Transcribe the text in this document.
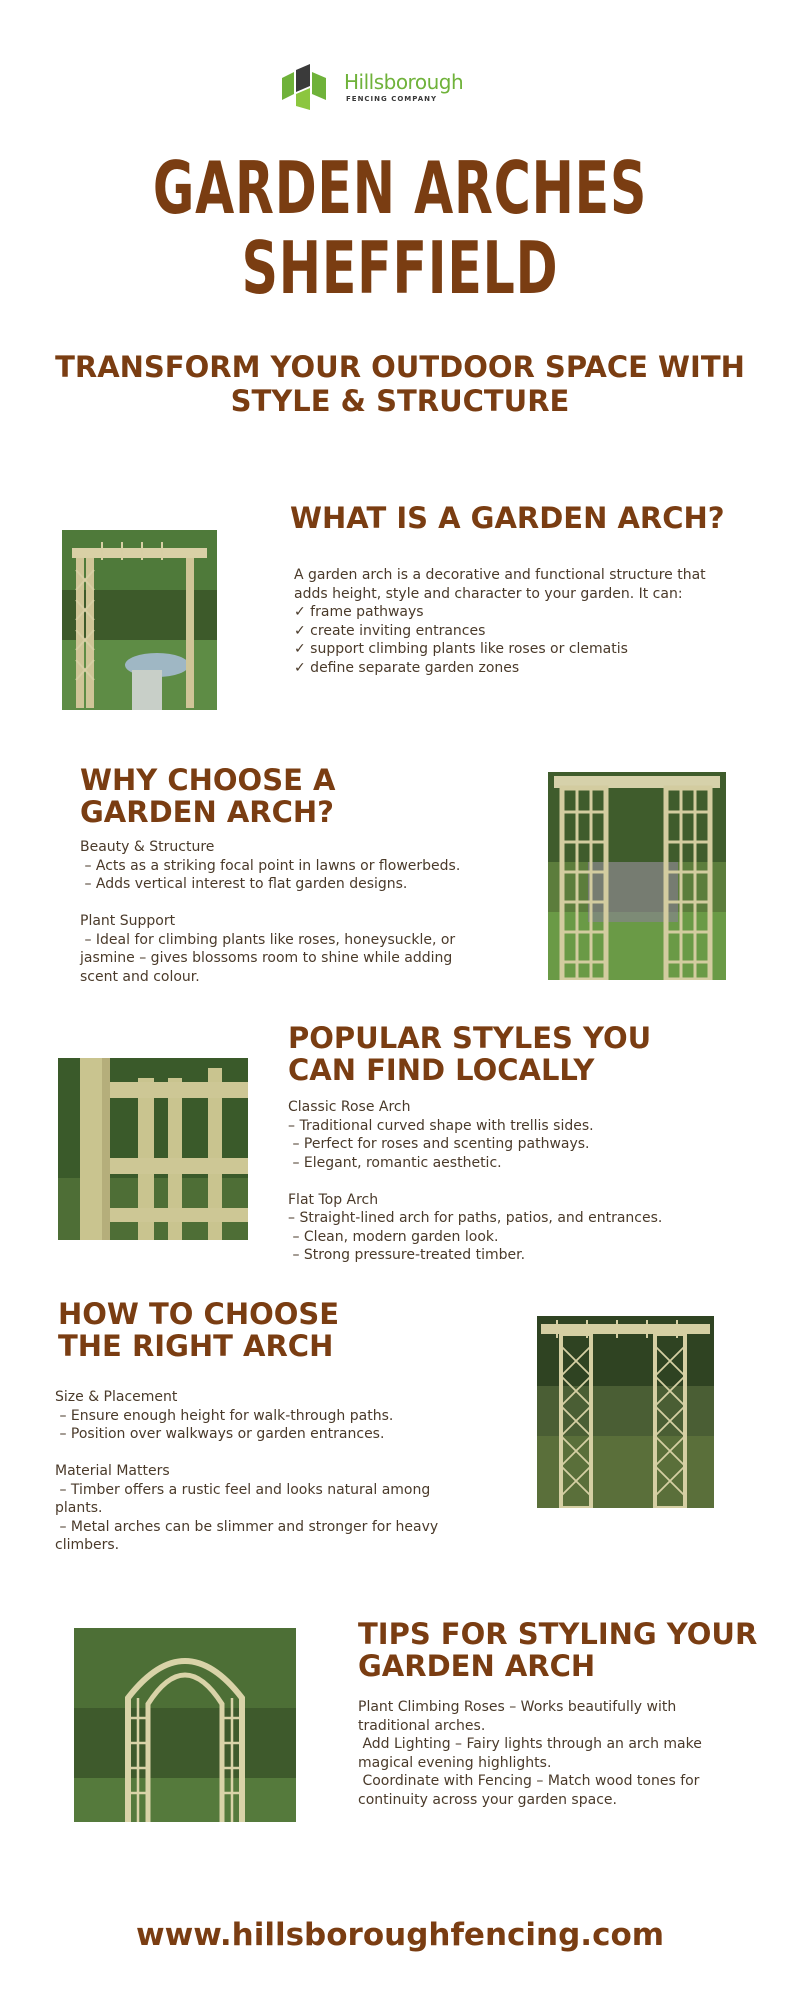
Hillsborough
FENCING COMPANY
GARDEN ARCHES
SHEFFIELD
TRANSFORM YOUR OUTDOOR SPACE WITH
STYLE & STRUCTURE
WHAT IS A GARDEN ARCH?
A garden arch is a decorative and functional structure that
adds height, style and character to your garden. It can:
✓ frame pathways
✓ create inviting entrances
✓ support climbing plants like roses or clematis
✓ define separate garden zones
WHY CHOOSE A
GARDEN ARCH?
Beauty & Structure
– Acts as a striking focal point in lawns or flowerbeds.
– Adds vertical interest to flat garden designs.

Plant Support
– Ideal for climbing plants like roses, honeysuckle, or
jasmine – gives blossoms room to shine while adding
scent and colour.
POPULAR STYLES YOU
CAN FIND LOCALLY
Classic Rose Arch
– Traditional curved shape with trellis sides.
– Perfect for roses and scenting pathways.
– Elegant, romantic aesthetic.

Flat Top Arch
– Straight-lined arch for paths, patios, and entrances.
– Clean, modern garden look.
– Strong pressure-treated timber.
HOW TO CHOOSE
THE RIGHT ARCH
Size & Placement
– Ensure enough height for walk-through paths.
– Position over walkways or garden entrances.

Material Matters
– Timber offers a rustic feel and looks natural among
plants.
– Metal arches can be slimmer and stronger for heavy
climbers.
TIPS FOR STYLING YOUR
GARDEN ARCH
Plant Climbing Roses – Works beautifully with
traditional arches.
Add Lighting – Fairy lights through an arch make
magical evening highlights.
Coordinate with Fencing – Match wood tones for
continuity across your garden space.
www.hillsboroughfencing.com
